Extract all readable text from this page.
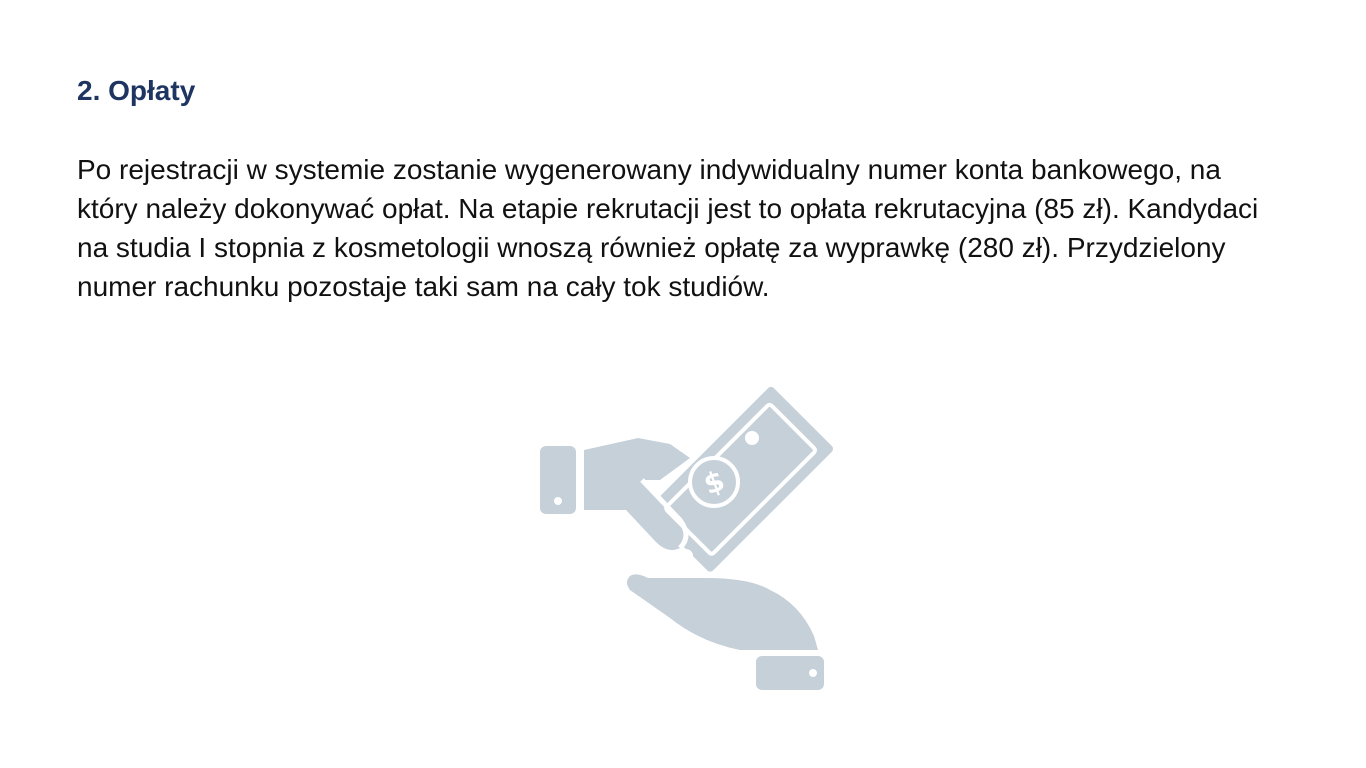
2. Opłaty

Po rejestracji w systemie zostanie wygenerowany indywidualny numer konta bankowego, na który należy dokonywać opłat. Na etapie rekrutacji jest to opłata rekrutacyjna (85 zł). Kandydaci na studia I stopnia z kosmetologii wnoszą również opłatę za wyprawkę (280 zł). Przydzielony numer rachunku pozostaje taki sam na cały tok studiów.

$
